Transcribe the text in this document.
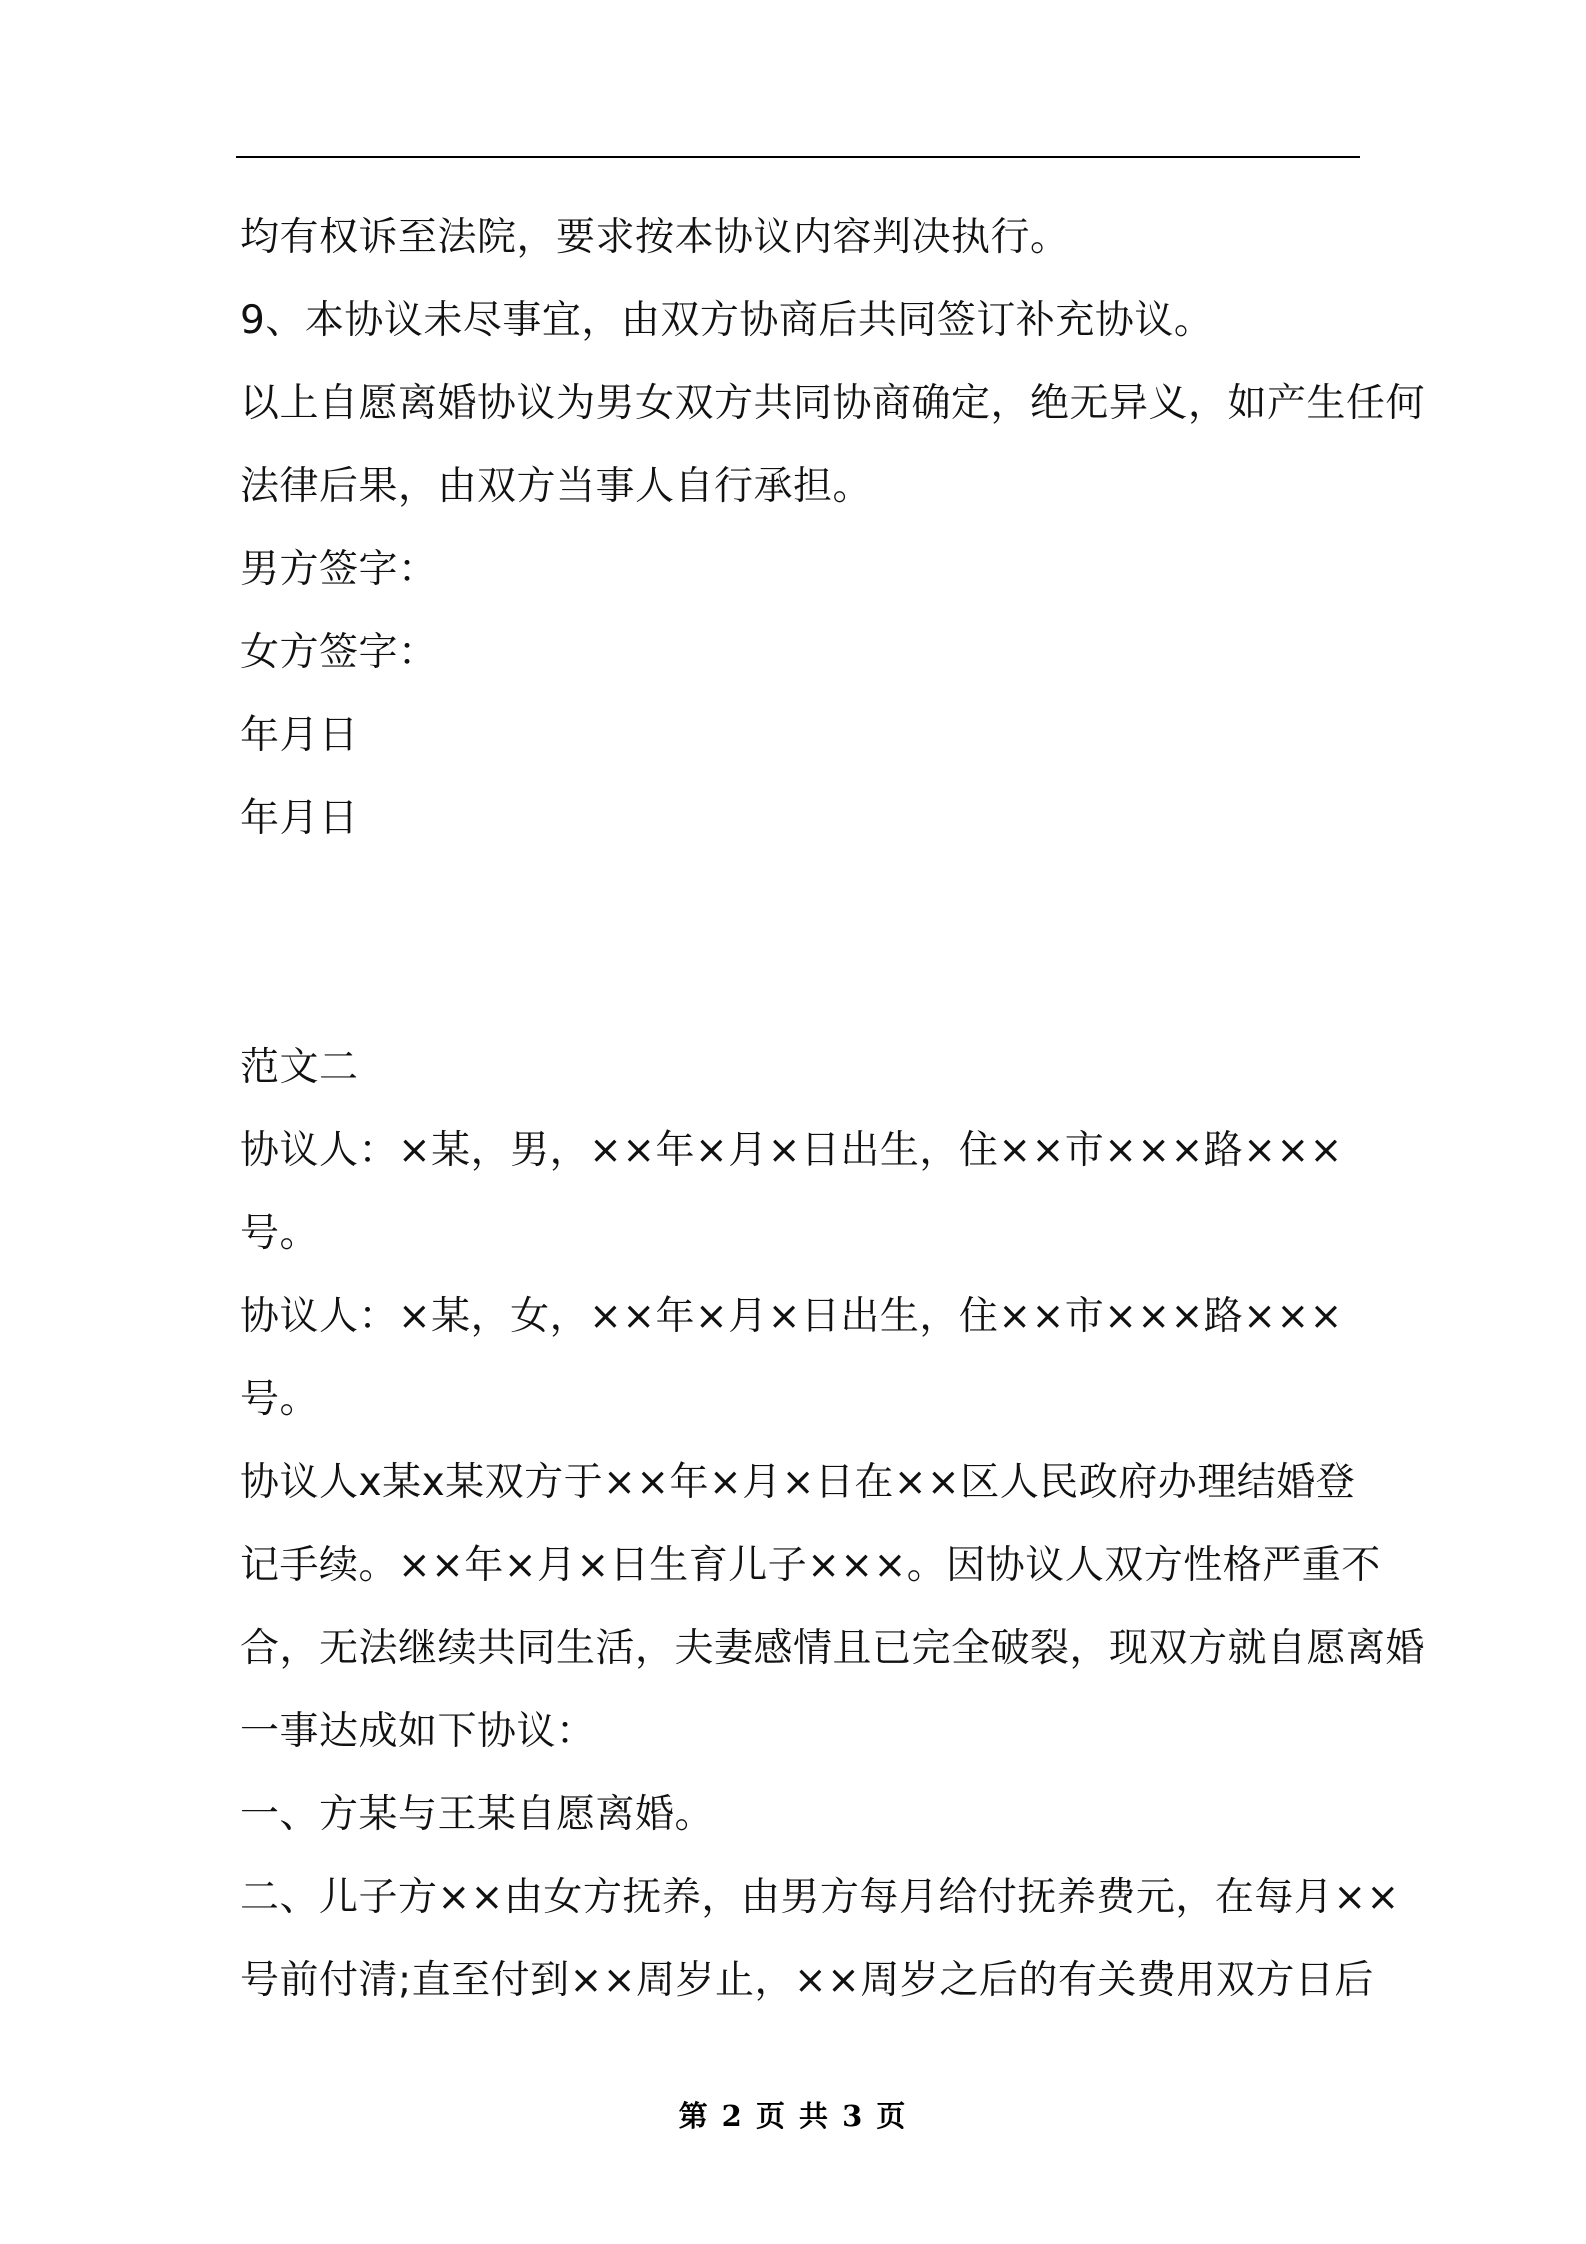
均有权诉至法院，要求按本协议内容判决执行。
9、本协议未尽事宜，由双方协商后共同签订补充协议。
以上自愿离婚协议为男女双方共同协商确定，绝无异义，如产生任何
法律后果，由双方当事人自行承担。
男方签字：
女方签字：
年月日
年月日
范文二
协议人：×某，男，××年×月×日出生，住××市×××路×××
号。
协议人：×某，女，××年×月×日出生，住××市×××路×××
号。
协议人x某x某双方于××年×月×日在××区人民政府办理结婚登
记手续。××年×月×日生育儿子×××。因协议人双方性格严重不
合，无法继续共同生活，夫妻感情且已完全破裂，现双方就自愿离婚
一事达成如下协议：
一、方某与王某自愿离婚。
二、儿子方××由女方抚养，由男方每月给付抚养费元，在每月××
号前付清;直至付到××周岁止，××周岁之后的有关费用双方日后
第 2 页 共 3 页
